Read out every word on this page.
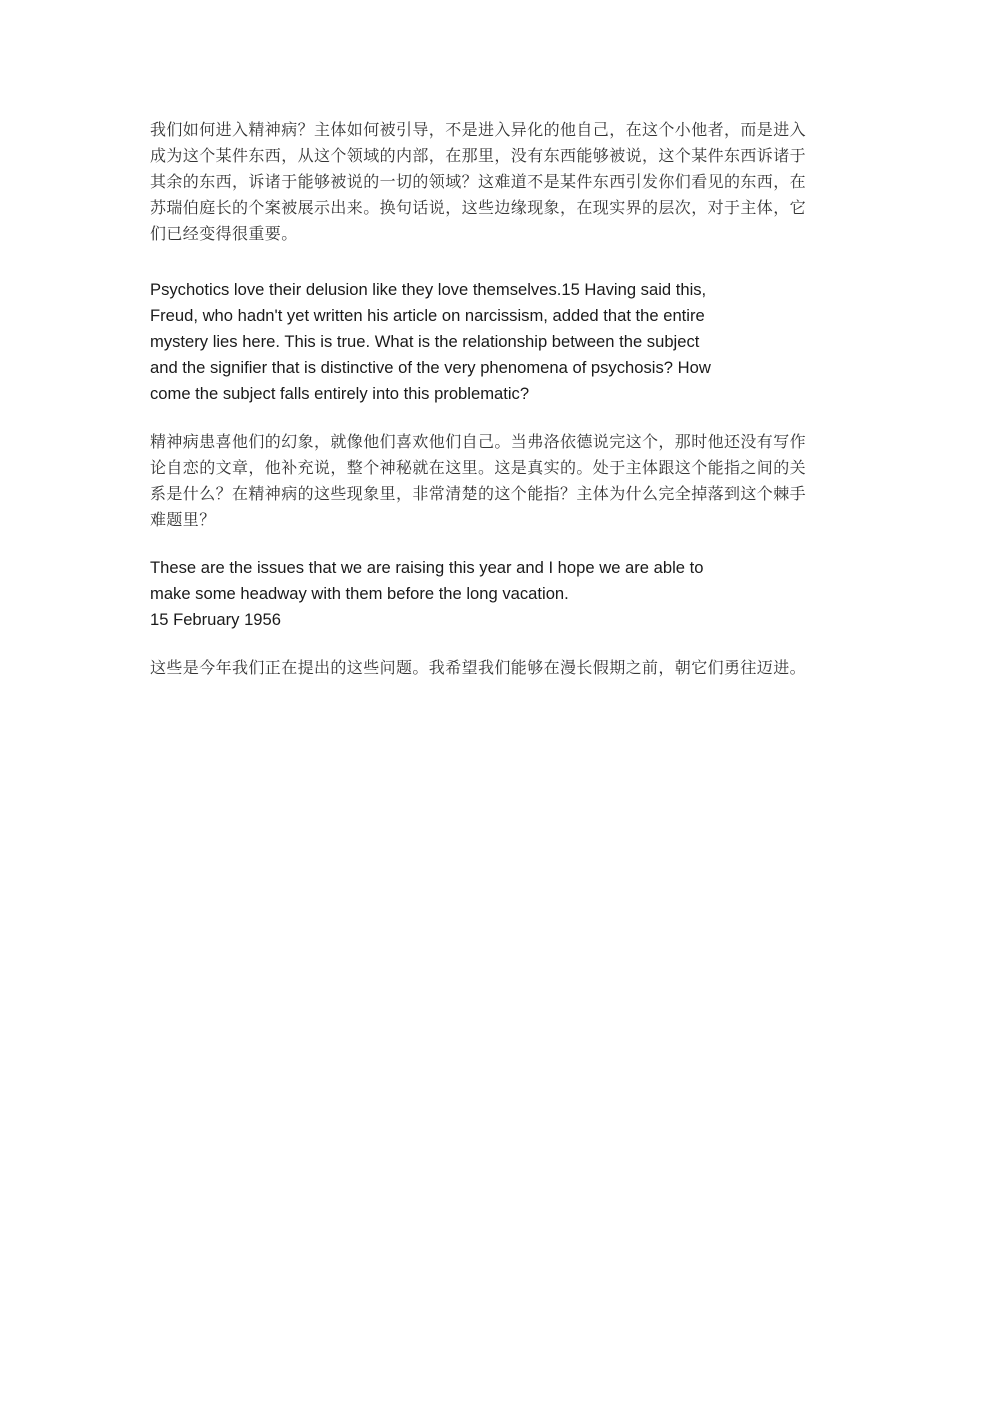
我们如何进入精神病？主体如何被引导，不是进入异化的他自己，在这个小他者，而是进入
成为这个某件东西，从这个领域的内部，在那里，没有东西能够被说，这个某件东西诉诸于
其余的东西，诉诸于能够被说的一切的领域？这难道不是某件东西引发你们看见的东西，在
苏瑞伯庭长的个案被展示出来。换句话说，这些边缘现象，在现实界的层次，对于主体，它
们已经变得很重要。

Psychotics love their delusion like they love themselves.15 Having said this,
Freud, who hadn't yet written his article on narcissism, added that the entire
mystery lies here. This is true. What is the relationship between the subject
and the signifier that is distinctive of the very phenomena of psychosis? How
come the subject falls entirely into this problematic?

精神病患喜他们的幻象，就像他们喜欢他们自己。当弗洛依德说完这个，那时他还没有写作
论自恋的文章，他补充说，整个神秘就在这里。这是真实的。处于主体跟这个能指之间的关
系是什么？在精神病的这些现象里，非常清楚的这个能指？主体为什么完全掉落到这个棘手
难题里？

These are the issues that we are raising this year and I hope we are able to
make some headway with them before the long vacation.
15 February 1956

这些是今年我们正在提出的这些问题。我希望我们能够在漫长假期之前，朝它们勇往迈进。
